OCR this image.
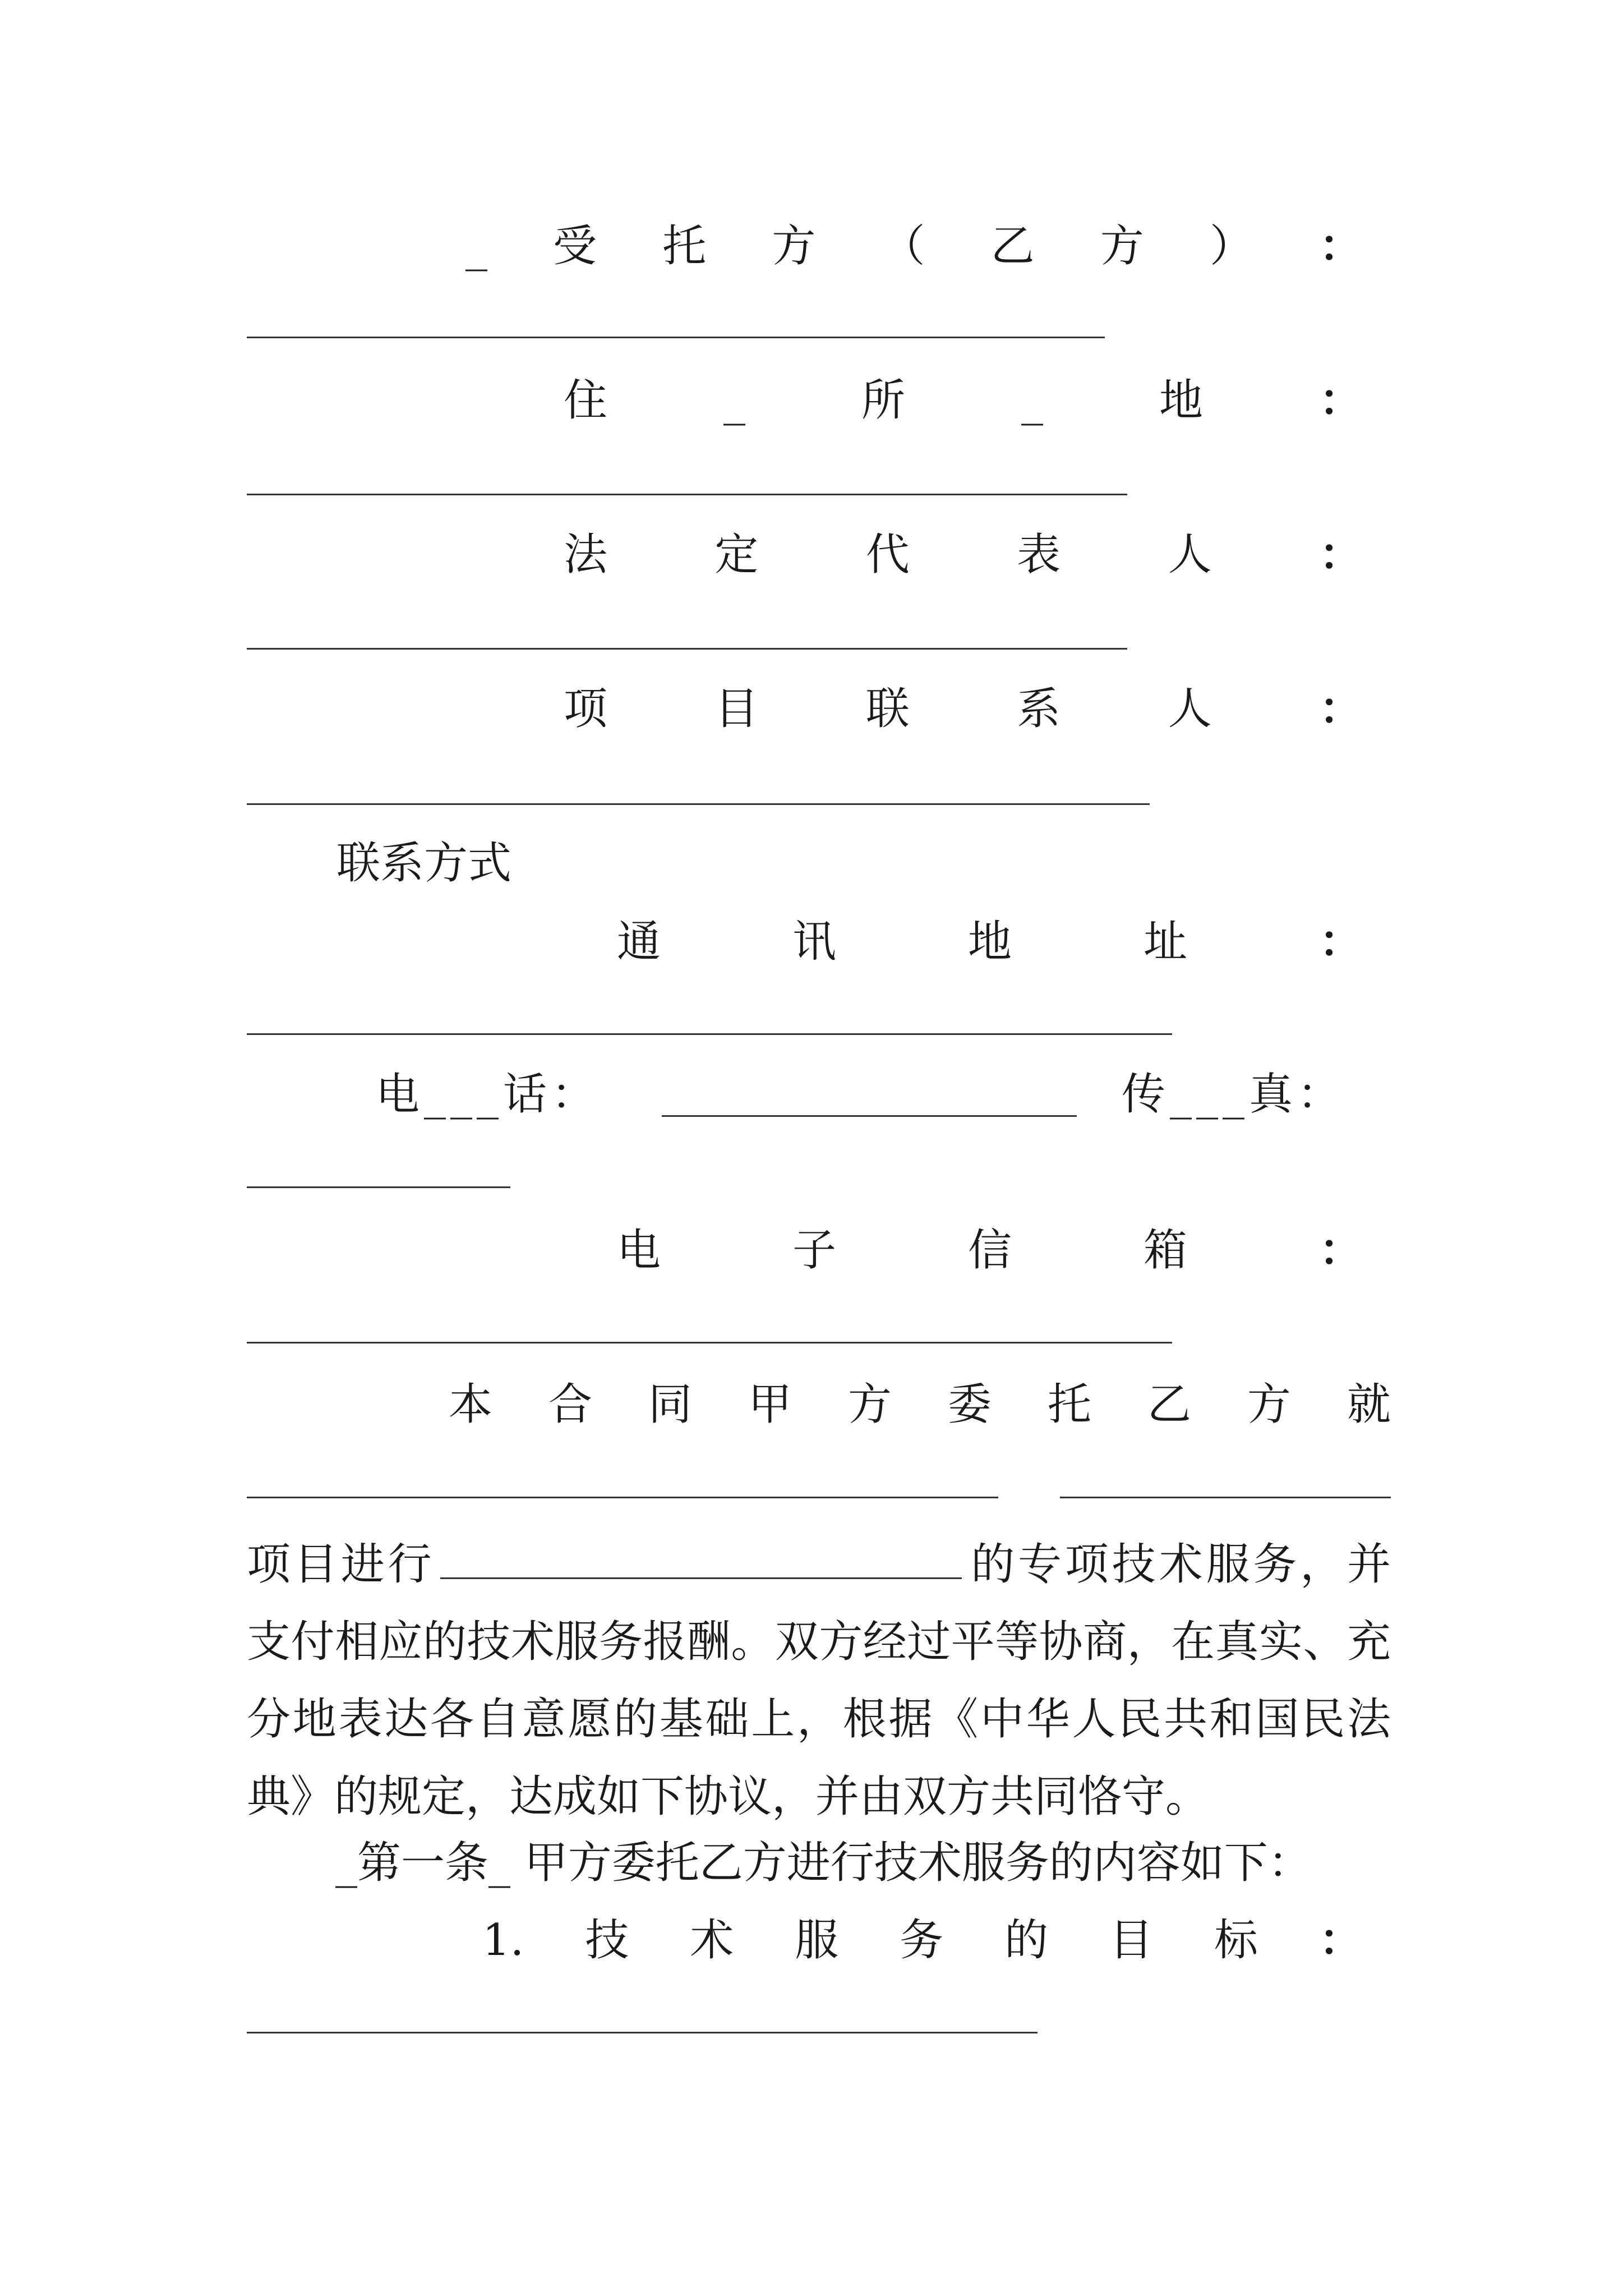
_ 受 托 方 （ 乙 方 ） ：
住	_	所	_	地	：
法 定 代 表 人 ：
项 目 联 系 人 ：
联系方式
通	讯	地	址	：
电___话：	传___真：
电	子	信	箱	：
本 合 同 甲 方 委 托 乙 方 就
项目进行	的专项技术服务，并支付相应的技术服务报酬。双方经过平等协商，在真实、充分地表达各自意愿的基础上，根据《中华人民共和国民法典》的规定，达成如下协议，并由双方共同恪守。
_第一条_ 甲方委托乙方进行技术服务的内容如下：
1. 技 术 服 务 的 目 标 ：
